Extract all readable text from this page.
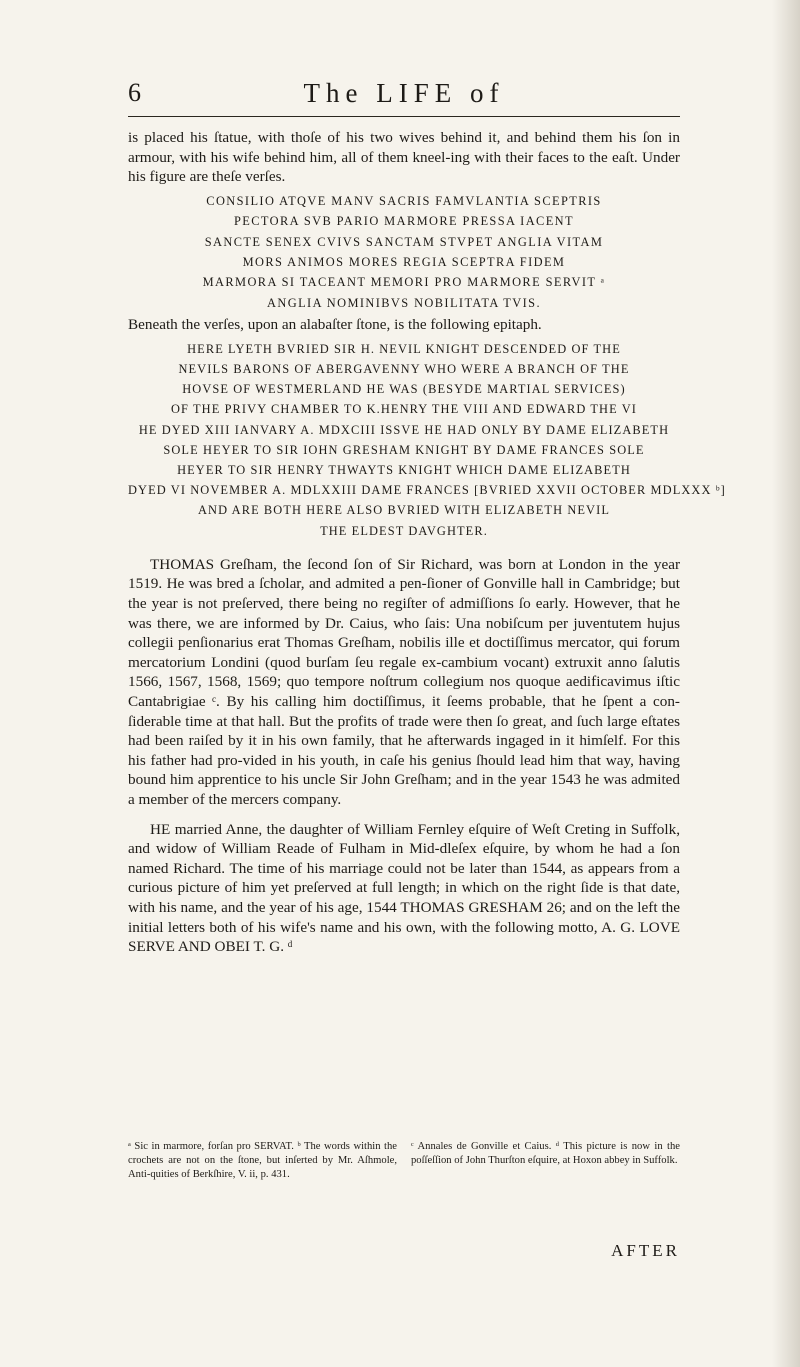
6	The LIFE of

is placed his ſtatue, with thoſe of his two wives behind it, and behind them his ſon in armour, with his wife behind him, all of them kneel-ing with their faces to the eaſt. Under his figure are theſe verſes.

CONSILIO ATQVE MANV SACRIS FAMVLANTIA SCEPTRIS
PECTORA SVB PARIO MARMORE PRESSA IACENT
SANCTE SENEX CVIVS SANCTAM STVPET ANGLIA VITAM
MORS ANIMOS MORES REGIA SCEPTRA FIDEM
MARMORA SI TACEANT MEMORI PRO MARMORE SERVIT ᵃ
ANGLIA NOMINIBVS NOBILITATA TVIS.

Beneath the verſes, upon an alabaſter ſtone, is the following epitaph.

HERE LYETH BVRIED SIR H. NEVIL KNIGHT DESCENDED OF THE
NEVILS BARONS OF ABERGAVENNY WHO WERE A BRANCH OF THE
HOVSE OF WESTMERLAND HE WAS (BESYDE MARTIAL SERVICES)
OF THE PRIVY CHAMBER TO K.HENRY THE VIII AND EDWARD THE VI
HE DYED XIII IANVARY A. MDXCIII ISSVE HE HAD ONLY BY DAME ELIZABETH
SOLE HEYER TO SIR IOHN GRESHAM KNIGHT BY DAME FRANCES SOLE
HEYER TO SIR HENRY THWAYTS KNIGHT WHICH DAME ELIZABETH
DYED VI NOVEMBER A. MDLXXIII DAME FRANCES [BVRIED XXVII OCTOBER MDLXXX ᵇ]
AND ARE BOTH HERE ALSO BVRIED WITH ELIZABETH NEVIL
THE ELDEST DAVGHTER.

THOMAS Greſham, the ſecond ſon of Sir Richard, was born at London in the year 1519. He was bred a ſcholar, and admited a pen-ſioner of Gonville hall in Cambridge; but the year is not preſerved, there being no regiſter of admiſſions ſo early. However, that he was there, we are informed by Dr. Caius, who ſais: Una nobiſcum per juventutem hujus collegii penſionarius erat Thomas Greſham, nobilis ille et doctiſſimus mercator, qui forum mercatorium Londini (quod burſam ſeu regale ex-cambium vocant) extruxit anno ſalutis 1566, 1567, 1568, 1569; quo tempore noſtrum collegium nos quoque aedificavimus iſtic Cantabrigiae ᶜ. By his calling him doctiſſimus, it ſeems probable, that he ſpent a con-ſiderable time at that hall. But the profits of trade were then ſo great, and ſuch large eſtates had been raiſed by it in his own family, that he afterwards ingaged in it himſelf. For this his father had pro-vided in his youth, in caſe his genius ſhould lead him that way, having bound him apprentice to his uncle Sir John Greſham; and in the year 1543 he was admited a member of the mercers company.

HE married Anne, the daughter of William Fernley eſquire of Weſt Creting in Suffolk, and widow of William Reade of Fulham in Mid-dleſex eſquire, by whom he had a ſon named Richard. The time of his marriage could not be later than 1544, as appears from a curious picture of him yet preſerved at full length; in which on the right ſide is that date, with his name, and the year of his age, 1544 THOMAS GRESHAM 26; and on the left the initial letters both of his wife's name and his own, with the following motto, A. G. LOVE SERVE AND OBEI T. G. ᵈ

ᵃ Sic in marmore, forſan pro SERVAT. ᵇ The words within the crochets are not on the ſtone, but inſerted by Mr. Aſhmole, Anti-quities of Berkſhire, V. ii, p. 431.

ᶜ Annales de Gonville et Caius. ᵈ This picture is now in the poſſeſſion of John Thurſton eſquire, at Hoxon abbey in Suffolk.

AFTER
